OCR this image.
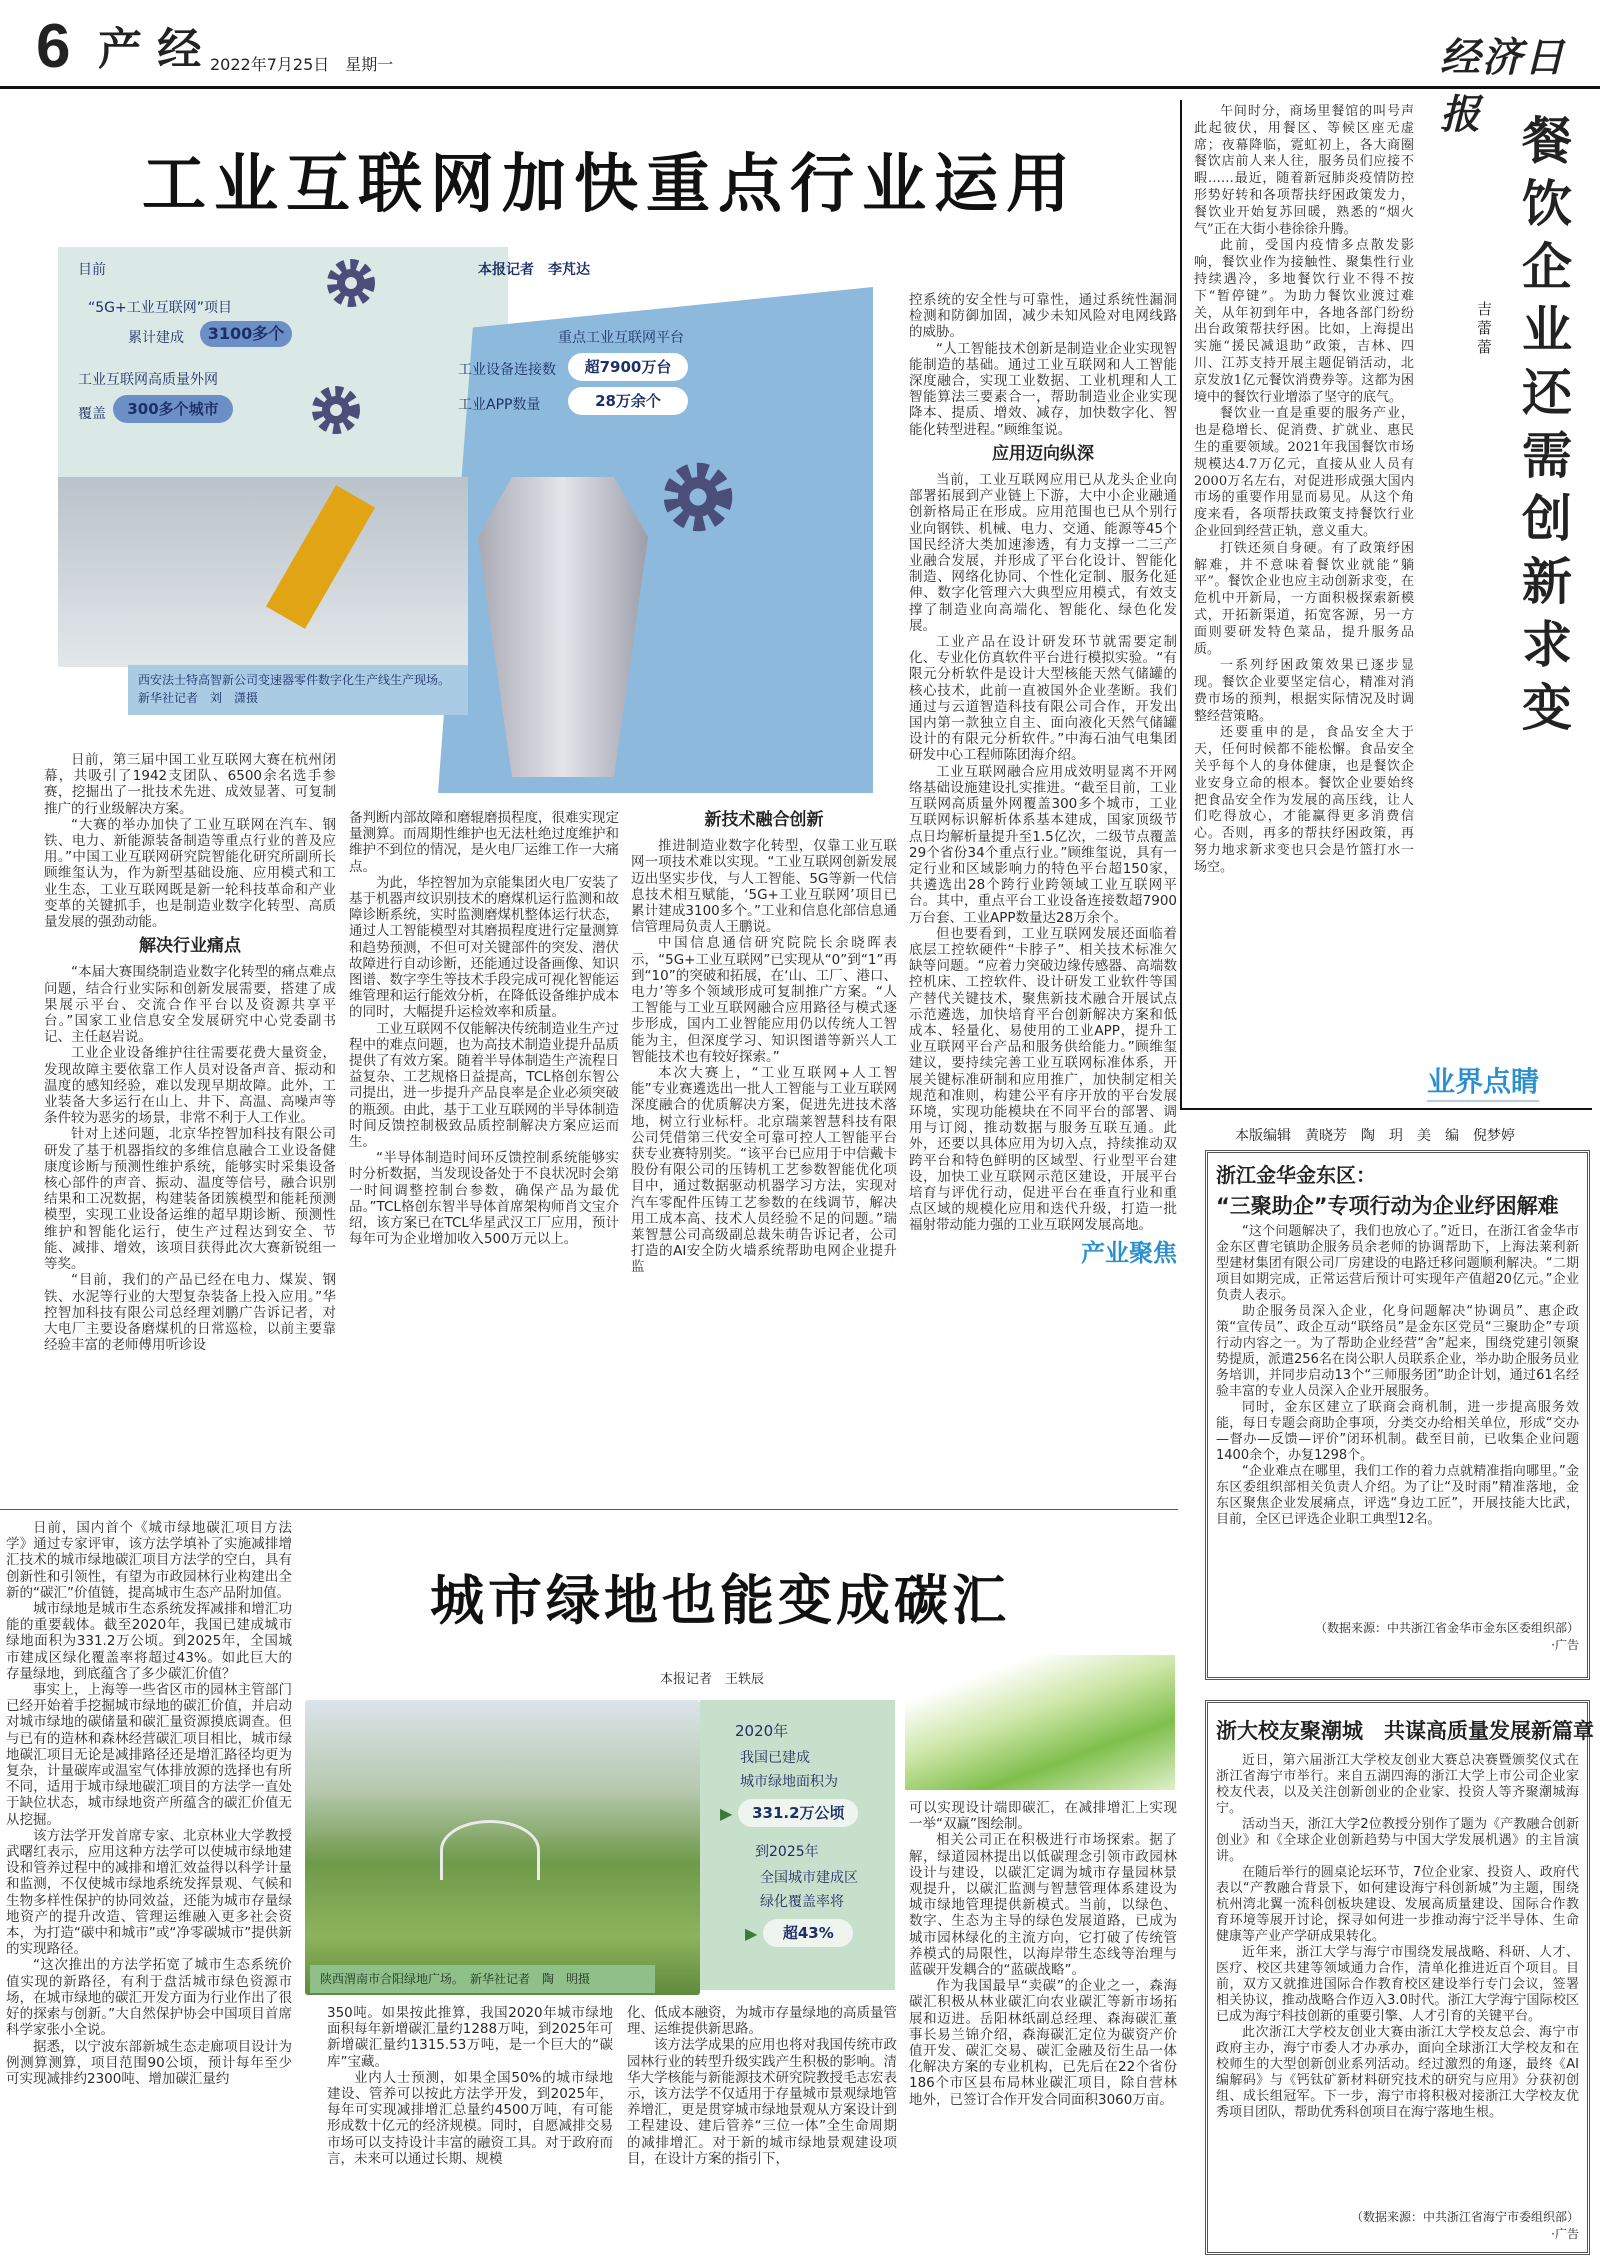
6 产 经 2022年7月25日　 星期一	经济日报
工业互联网加快重点行业运用
目前
“5G+工业互联网”项目
累计建成	3100多个
工业互联网高质量外网
覆盖	300多个城市
本报记者　李芃达
重点工业互联网平台
工业设备连接数	超7900万台
工业APP数量	28万余个
西安法士特高智新公司变速器零件数字化生产线生产现场。　新华社记者　刘　潇摄

日前，第三届中国工业互联网大赛在杭州闭幕，共吸引了1942支团队、6500余名选手参赛，挖掘出了一批技术先进、成效显著、可复制推广的行业级解决方案。

“大赛的举办加快了工业互联网在汽车、钢铁、电力、新能源装备制造等重点行业的普及应用。”中国工业互联网研究院智能化研究所副所长顾维玺认为，作为新型基础设施、应用模式和工业生态，工业互联网既是新一轮科技革命和产业变革的关键抓手，也是制造业数字化转型、高质量发展的强劲动能。

解决行业痛点

“本届大赛围绕制造业数字化转型的痛点难点问题，结合行业实际和创新发展需要，搭建了成果展示平台、交流合作平台以及资源共享平台。”国家工业信息安全发展研究中心党委副书记、主任赵岩说。

工业企业设备维护往往需要花费大量资金，发现故障主要依靠工作人员对设备声音、振动和温度的感知经验，难以发现早期故障。此外，工业装备大多运行在山上、井下、高温、高噪声等条件较为恶劣的场景，非常不利于人工作业。

针对上述问题，北京华控智加科技有限公司研发了基于机器指纹的多维信息融合工业设备健康度诊断与预测性维护系统，能够实时采集设备核心部件的声音、振动、温度等信号，融合识别结果和工况数据，构建装备团簇模型和能耗预测模型，实现工业设备运维的超早期诊断、预测性维护和智能化运行，使生产过程达到安全、节能、减排、增效，该项目获得此次大赛新锐组一等奖。

“目前，我们的产品已经在电力、煤炭、钢铁、水泥等行业的大型复杂装备上投入应用。”华控智加科技有限公司总经理刘鹏广告诉记者，对大电厂主要设备磨煤机的日常巡检，以前主要靠经验丰富的老师傅用听诊设

备判断内部故障和磨辊磨损程度，很难实现定量测算。而周期性维护也无法杜绝过度维护和维护不到位的情况，是火电厂运维工作一大痛点。

为此，华控智加为京能集团火电厂安装了基于机器声纹识别技术的磨煤机运行监测和故障诊断系统，实时监测磨煤机整体运行状态，通过人工智能模型对其磨损程度进行定量测算和趋势预测，不但可对关键部件的突发、潜伏故障进行自动诊断，还能通过设备画像、知识图谱、数字孪生等技术手段完成可视化智能运维管理和运行能效分析，在降低设备维护成本的同时，大幅提升运检效率和质量。

工业互联网不仅能解决传统制造业生产过程中的难点问题，也为高技术制造业提升品质提供了有效方案。随着半导体制造生产流程日益复杂、工艺规格日益提高，TCL格创东智公司提出，进一步提升产品良率是企业必须突破的瓶颈。由此，基于工业互联网的半导体制造时间反馈控制极致品质控制解决方案应运而生。

“半导体制造时间环反馈控制系统能够实时分析数据，当发现设备处于不良状况时会第一时间调整控制台参数，确保产品为最优品。”TCL格创东智半导体首席架构师肖文宝介绍，该方案已在TCL华星武汉工厂应用，预计每年可为企业增加收入500万元以上。

新技术融合创新

推进制造业数字化转型，仅靠工业互联网一项技术难以实现。“工业互联网创新发展迈出坚实步伐，与人工智能、5G等新一代信息技术相互赋能，‘5G+工业互联网’项目已累计建成3100多个。”工业和信息化部信息通信管理局负责人王鹏说。

中国信息通信研究院院长余晓晖表示，“5G+工业互联网”已实现从“0”到“1”再到“10”的突破和拓展，在‘山、工厂、港口、电力’等多个领域形成可复制推广方案。“人工智能与工业互联网融合应用路径与模式逐步形成，国内工业智能应用仍以传统人工智能为主，但深度学习、知识图谱等新兴人工智能技术也有较好探索。”

本次大赛上，“工业互联网+人工智能”专业赛遴选出一批人工智能与工业互联网深度融合的优质解决方案，促进先进技术落地，树立行业标杆。北京瑞莱智慧科技有限公司凭借第三代安全可靠可控人工智能平台获专业赛特别奖。“该平台已应用于中信戴卡股份有限公司的压铸机工艺参数智能优化项目中，通过数据驱动机器学习方法，实现对汽车零配件压铸工艺参数的在线调节，解决用工成本高、技术人员经验不足的问题。”瑞莱智慧公司高级副总裁朱萌告诉记者，公司打造的AI安全防火墙系统帮助电网企业提升监

控系统的安全性与可靠性，通过系统性漏洞检测和防御加固，减少未知风险对电网线路的威胁。

“人工智能技术创新是制造业企业实现智能制造的基础。通过工业互联网和人工智能深度融合，实现工业数据、工业机理和人工智能算法三要素合一，帮助制造业企业实现降本、提质、增效、减存，加快数字化、智能化转型进程。”顾维玺说。

应用迈向纵深

当前，工业互联网应用已从龙头企业向部署拓展到产业链上下游，大中小企业融通创新格局正在形成。应用范围也已从个别行业向钢铁、机械、电力、交通、能源等45个国民经济大类加速渗透，有力支撑一二三产业融合发展，并形成了平台化设计、智能化制造、网络化协同、个性化定制、服务化延伸、数字化管理六大典型应用模式，有效支撑了制造业向高端化、智能化、绿色化发展。

工业产品在设计研发环节就需要定制化、专业化仿真软件平台进行模拟实验。“有限元分析软件是设计大型核能天然气储罐的核心技术，此前一直被国外企业垄断。我们通过与云道智造科技有限公司合作，开发出国内第一款独立自主、面向液化天然气储罐设计的有限元分析软件。”中海石油气电集团研发中心工程师陈团海介绍。

工业互联网融合应用成效明显离不开网络基础设施建设扎实推进。“截至目前，工业互联网高质量外网覆盖300多个城市，工业互联网标识解析体系基本建成，国家顶级节点日均解析量提升至1.5亿次，二级节点覆盖29个省份34个重点行业。”顾维玺说，具有一定行业和区域影响力的特色平台超150家，共遴选出28个跨行业跨领域工业互联网平台。其中，重点平台工业设备连接数超7900万台套、工业APP数量达28万余个。

但也要看到，工业互联网发展还面临着底层工控软硬件“卡脖子”、相关技术标准欠缺等问题。“应着力突破边缘传感器、高端数控机床、工控软件、设计研发工业软件等国产替代关键技术，聚焦新技术融合开展试点示范遴选，加快培育平台创新解决方案和低成本、轻量化、易使用的工业APP，提升工业互联网平台产品和服务供给能力。”顾维玺建议，要持续完善工业互联网标准体系，开展关键标准研制和应用推广，加快制定相关规范和准则，构建公平有序开放的平台发展环境，实现功能模块在不同平台的部署、调用与订阅，推动数据与服务互联互通。此外，还要以具体应用为切入点，持续推动双跨平台和特色鲜明的区域型、行业型平台建设，加快工业互联网示范区建设，开展平台培育与评优行动，促进平台在垂直行业和重点区域的规模化应用和迭代升级，打造一批福射带动能力强的工业互联网发展高地。

产业聚焦

午间时分，商场里餐馆的叫号声此起彼伏，用餐区、等候区座无虚席；夜幕降临，霓虹初上，各大商圈餐饮店前人来人往，服务员们应接不暇……最近，随着新冠肺炎疫情防控形势好转和各项帮扶纾困政策发力，餐饮业开始复苏回暖，熟悉的“烟火气”正在大街小巷徐徐升腾。

此前，受国内疫情多点散发影响，餐饮业作为接触性、聚集性行业持续遇冷，多地餐饮行业不得不按下“暂停键”。为助力餐饮业渡过难关，从年初到年中，各地各部门纷纷出台政策帮扶纾困。比如，上海提出实施“援民减退助”政策，吉林、四川、江苏支持开展主题促销活动，北京发放1亿元餐饮消费券等。这都为困境中的餐饮行业增添了坚守的底气。

餐饮业一直是重要的服务产业，也是稳增长、促消费、扩就业、惠民生的重要领域。2021年我国餐饮市场规模达4.7万亿元，直接从业人员有2000万名左右，对促进形成强大国内市场的重要作用显而易见。从这个角度来看，各项帮扶政策支持餐饮行业企业回到经营正轨，意义重大。

打铁还须自身硬。有了政策纾困解难，并不意味着餐饮业就能“躺平”。餐饮企业也应主动创新求变，在危机中开新局，一方面积极探索新模式，开拓新渠道，拓宽客源，另一方面则要研发特色菜品，提升服务品质。

一系列纾困政策效果已逐步显现。餐饮企业要坚定信心，精准对消费市场的预判，根据实际情况及时调整经营策略。

还要重申的是，食品安全大于天，任何时候都不能松懈。食品安全关乎每个人的身体健康，也是餐饮企业安身立命的根本。餐饮企业要始终把食品安全作为发展的高压线，让人们吃得放心，才能赢得更多消费信心。否则，再多的帮扶纾困政策，再努力地求新求变也只会是竹篮打水一场空。

吉蕾蕾
餐饮企业还需创新求变
业界点睛
本版编辑　黄晓芳　陶　玥　美　编　倪梦婷
浙江金华金东区：
“三聚助企”专项行动为企业纾困解难

“这个问题解决了，我们也放心了。”近日，在浙江省金华市金东区曹宅镇助企服务员余老师的协调帮助下，上海法莱利新型建材集团有限公司厂房建设的电路迁移问题顺利解决。“二期项目如期完成，正常运营后预计可实现年产值超20亿元。”企业负责人表示。

助企服务员深入企业，化身问题解决“协调员”、惠企政策“宣传员”、政企互动“联络员”是金东区党员“三聚助企”专项行动内容之一。为了帮助企业经营“舍”起来，围绕党建引领聚势提质，派遣256名在岗公职人员联系企业，举办助企服务员业务培训，并同步启动13个“三师服务团”助企计划，通过61名经验丰富的专业人员深入企业开展服务。

同时，金东区建立了联商会商机制，进一步提高服务效能，每日专题会商助企事项，分类交办给相关单位，形成“交办—督办—反馈—评价”闭环机制。截至目前，已收集企业问题1400余个，办复1298个。

“企业难点在哪里，我们工作的着力点就精准指向哪里。”金东区委组织部相关负责人介绍。为了让“及时雨”精准落地，金东区聚焦企业发展痛点，评选“身边工匠”，开展技能大比武，目前，全区已评选企业职工典型12名。

（数据来源：中共浙江省金华市金东区委组织部）
·广告
浙大校友聚潮城　共谋高质量发展新篇章

近日，第六届浙江大学校友创业大赛总决赛暨颁奖仪式在浙江省海宁市举行。来自五湖四海的浙江大学上市公司企业家校友代表，以及关注创新创业的企业家、投资人等齐聚潮城海宁。

活动当天，浙江大学2位教授分别作了题为《产教融合创新创业》和《全球企业创新趋势与中国大学发展机遇》的主旨演讲。

在随后举行的圆桌论坛环节，7位企业家、投资人、政府代表以“产教融合背景下，如何建设海宁科创新城”为主题，围绕杭州湾北翼一流科创板块建设、发展高质量建设、国际合作教育环境等展开讨论，探寻如何进一步推动海宁泛半导体、生命健康等产业产学研成果转化。

近年来，浙江大学与海宁市围绕发展战略、科研、人才、医疗、校区共建等领域通力合作，清单化推进近百个项目。目前，双方又就推进国际合作教育校区建设举行专门会议，签署相关协议，推动战略合作迈入3.0时代。浙江大学海宁国际校区已成为海宁科技创新的重要引擎、人才引育的关键平台。

此次浙江大学校友创业大赛由浙江大学校友总会、海宁市政府主办，海宁市委人才办承办，面向全球浙江大学校友和在校师生的大型创新创业系列活动。经过激烈的角逐，最终《AI编解码》与《钙钛矿新材料研究技术的研究与应用》分获初创组、成长组冠军。下一步，海宁市将积极对接浙江大学校友优秀项目团队，帮助优秀科创项目在海宁落地生根。

（数据来源：中共浙江省海宁市委组织部）
·广告

日前，国内首个《城市绿地碳汇项目方法学》通过专家评审，该方法学填补了实施减排增汇技术的城市绿地碳汇项目方法学的空白，具有创新性和引领性，有望为市政园林行业构建出全新的“碳汇”价值链，提高城市生态产品附加值。

城市绿地是城市生态系统发挥减排和增汇功能的重要载体。截至2020年，我国已建成城市绿地面积为331.2万公顷。到2025年，全国城市建成区绿化覆盖率将超过43%。如此巨大的存量绿地，到底蕴含了多少碳汇价值？

事实上，上海等一些省区市的园林主管部门已经开始着手挖掘城市绿地的碳汇价值，并启动对城市绿地的碳储量和碳汇量资源摸底调查。但与已有的造林和森林经营碳汇项目相比，城市绿地碳汇项目无论是减排路径还是增汇路径均更为复杂，计量碳库或温室气体排放源的选择也有所不同，适用于城市绿地碳汇项目的方法学一直处于缺位状态，城市绿地资产所蕴含的碳汇价值无从挖掘。

该方法学开发首席专家、北京林业大学教授武曙红表示，应用这种方法学可以使城市绿地建设和管养过程中的减排和增汇效益得以科学计量和监测，不仅使城市绿地系统发挥景观、气候和生物多样性保护的协同效益，还能为城市存量绿地资产的提升改造、管理运维融入更多社会资本，为打造“碳中和城市”或“净零碳城市”提供新的实现路径。

“这次推出的方法学拓宽了城市生态系统价值实现的新路径，有利于盘活城市绿色资源市场，在城市绿地的碳汇开发方面为行业作出了很好的探索与创新。”大自然保护协会中国项目首席科学家张小全说。

据悉，以宁波东部新城生态走廊项目设计为例测算测算，项目范围90公顷，预计每年至少可实现减排约2300吨、增加碳汇量约

城市绿地也能变成碳汇
本报记者　王轶辰
2020年
我国已建成
城市绿地面积为
▶	331.2万公顷
到2025年
全国城市建成区
绿化覆盖率将
▶	超43%
陕西渭南市合阳绿地广场。　新华社记者　陶　明摄

350吨。如果按此推算，我国2020年城市绿地面积每年新增碳汇量约1288万吨，到2025年可新增碳汇量约1315.53万吨，是一个巨大的“碳库”宝藏。

业内人士预测，如果全国50%的城市绿地建设、管养可以按此方法学开发，到2025年，每年可实现减排增汇总量约4500万吨，有可能形成数十亿元的经济规模。同时，自愿减排交易市场可以支持设计丰富的融资工具。对于政府而言，未来可以通过长期、规模

化、低成本融资，为城市存量绿地的高质量管理、运维提供新思路。

该方法学成果的应用也将对我国传统市政园林行业的转型升级实践产生积极的影响。清华大学核能与新能源技术研究院教授毛志宏表示，该方法学不仅适用于存量城市景观绿地管养增汇，更是贯穿城市绿地景观从方案设计到工程建设、建后管养“三位一体”全生命周期的减排增汇。对于新的城市绿地景观建设项目，在设计方案的指引下，

可以实现设计端即碳汇，在减排增汇上实现一举“双赢”图绘制。

相关公司正在积极进行市场探索。据了解，绿道园林提出以低碳理念引领市政园林设计与建设，以碳汇定调为城市存量园林景观提升，以碳汇监测与智慧管理体系建设为城市绿地管理提供新模式。当前，以绿色、数字、生态为主导的绿色发展道路，已成为城市园林绿化的主流方向，它打破了传统管养模式的局限性，以海岸带生态线等治理与蓝碳开发耦合的“蓝碳战略”。

作为我国最早“卖碳”的企业之一，森海碳汇积极从林业碳汇向农业碳汇等新市场拓展和迈进。岳阳林纸副总经理、森海碳汇董事长易兰锦介绍，森海碳汇定位为碳资产价值开发、碳汇交易、碳汇金融及衍生品一体化解决方案的专业机构，已先后在22个省份186个市区县布局林业碳汇项目，除自营林地外，已签订合作开发合同面积3060万亩。
